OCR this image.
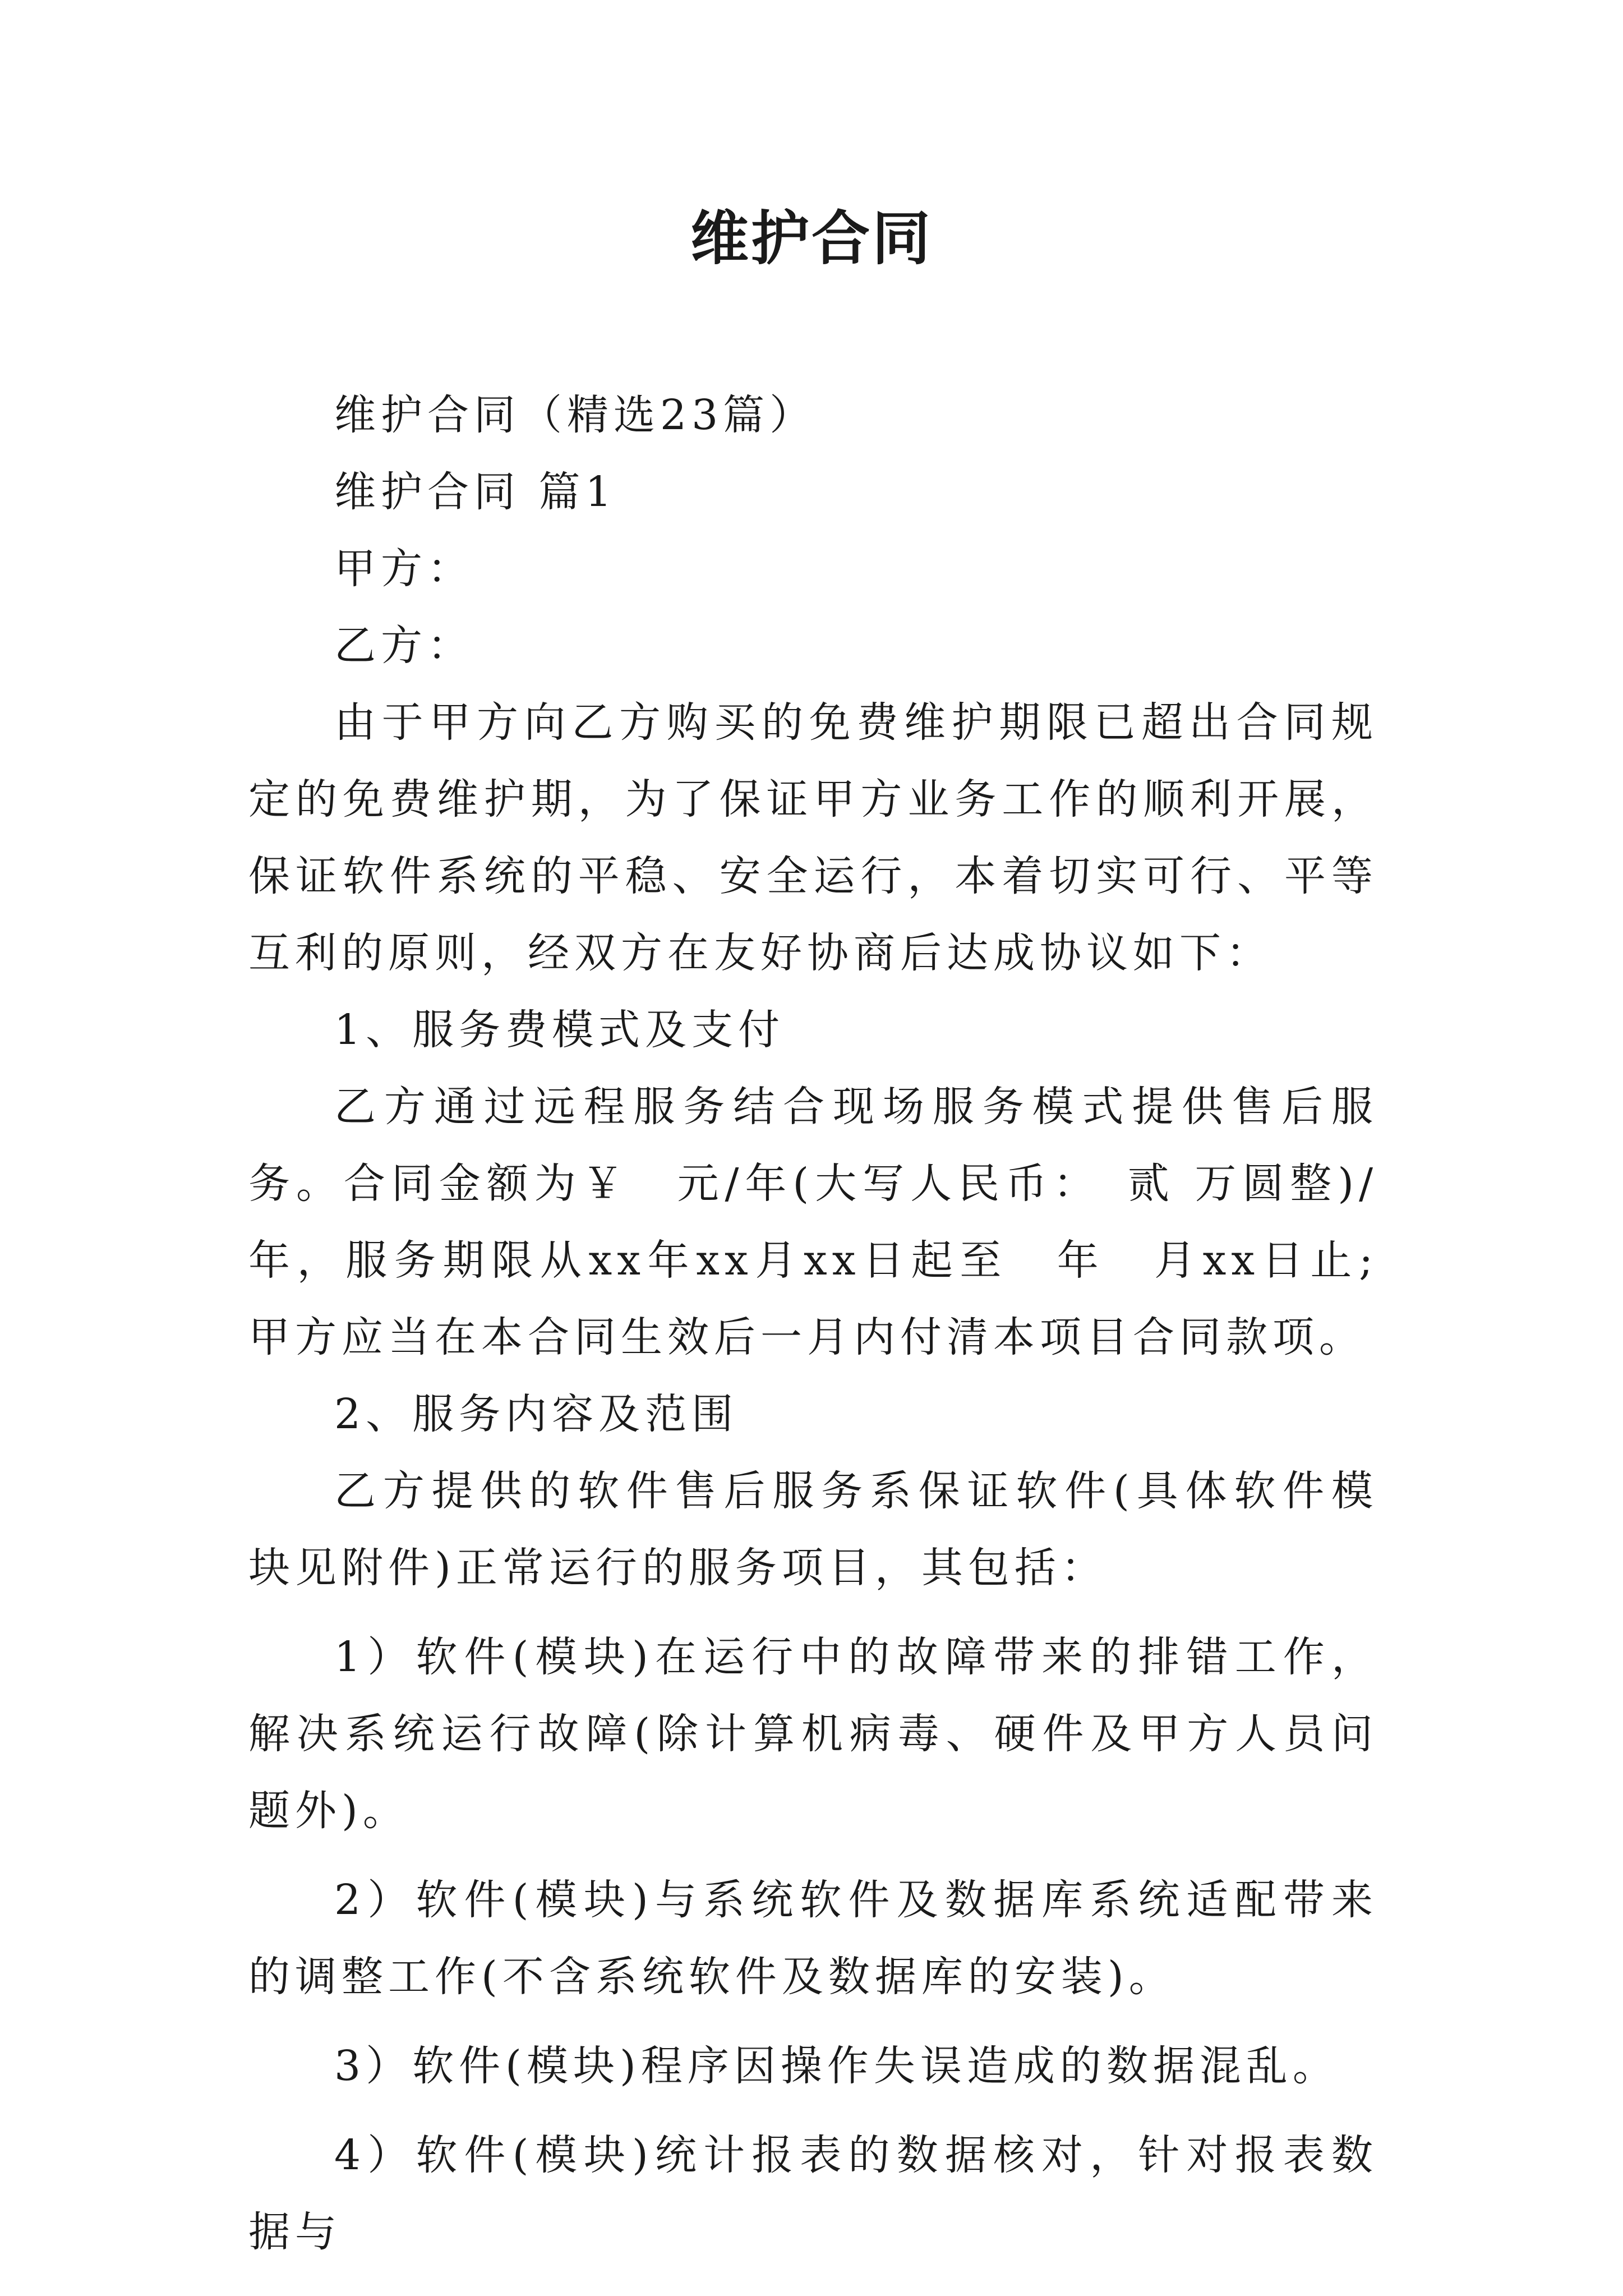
维护合同

维护合同（精选23篇）

维护合同 篇1

甲方：

乙方：

由于甲方向乙方购买的免费维护期限已超出合同规定的免费维护期，为了保证甲方业务工作的顺利开展，保证软件系统的平稳、安全运行，本着切实可行、平等互利的原则，经双方在友好协商后达成协议如下：

1、服务费模式及支付

乙方通过远程服务结合现场服务模式提供售后服务。合同金额为￥　元/年(大写人民币：　贰 万圆整)/年，服务期限从xx年xx月xx日起至　年　月xx日止;甲方应当在本合同生效后一月内付清本项目合同款项。

2、服务内容及范围

乙方提供的软件售后服务系保证软件(具体软件模块见附件)正常运行的服务项目，其包括：

1）软件(模块)在运行中的故障带来的排错工作，解决系统运行故障(除计算机病毒、硬件及甲方人员问题外)。

2）软件(模块)与系统软件及数据库系统适配带来的调整工作(不含系统软件及数据库的安装)。

3）软件(模块)程序因操作失误造成的数据混乱。

4）软件(模块)统计报表的数据核对，针对报表数据与
